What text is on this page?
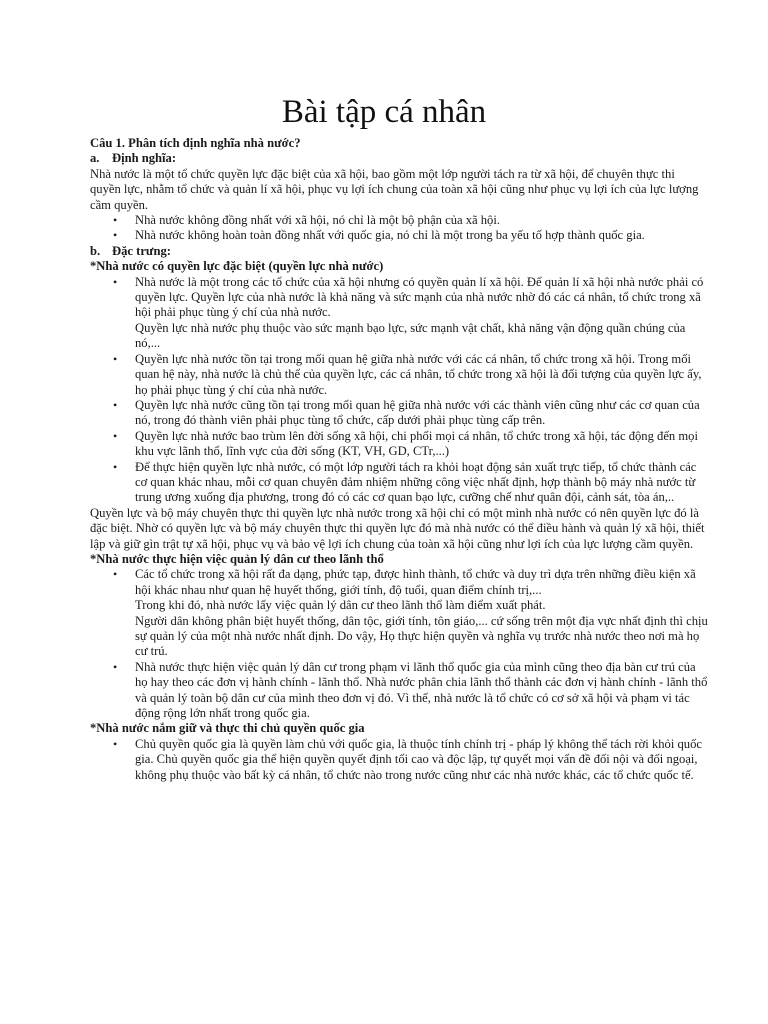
Bài tập cá nhân

Câu 1. Phân tích định nghĩa nhà nước?

a. Định nghĩa:

Nhà nước là một tổ chức quyền lực đặc biệt của xã hội, bao gồm một lớp người tách ra từ xã hội, để chuyên thực thi quyền lực, nhằm tổ chức và quản lí xã hội, phục vụ lợi ích chung của toàn xã hội cũng như phục vụ lợi ích của lực lượng cầm quyền.

• Nhà nước không đồng nhất với xã hội, nó chỉ là một bộ phận của xã hội.
• Nhà nước không hoàn toàn đồng nhất với quốc gia, nó chỉ là một trong ba yếu tố hợp thành quốc gia.

b. Đặc trưng:

*Nhà nước có quyền lực đặc biệt (quyền lực nhà nước)

• Nhà nước là một trong các tổ chức của xã hội nhưng có quyền quản lí xã hội. Để quản lí xã hội nhà nước phải có quyền lực. Quyền lực của nhà nước là khả năng và sức mạnh của nhà nước nhờ đó các cá nhân, tổ chức trong xã hội phải phục tùng ý chí của nhà nước.
Quyền lực nhà nước phụ thuộc vào sức mạnh bạo lực, sức mạnh vật chất, khả năng vận động quần chúng của nó,...
• Quyền lực nhà nước tồn tại trong mối quan hệ giữa nhà nước với các cá nhân, tổ chức trong xã hội. Trong mối quan hệ này, nhà nước là chủ thể của quyền lực, các cá nhân, tổ chức trong xã hội là đối tượng của quyền lực ấy, họ phải phục tùng ý chí của nhà nước.
• Quyền lực nhà nước cũng tồn tại trong mối quan hệ giữa nhà nước với các thành viên cũng như các cơ quan của nó, trong đó thành viên phải phục tùng tổ chức, cấp dưới phải phục tùng cấp trên.
• Quyền lực nhà nước bao trùm lên đời sống xã hội, chi phối mọi cá nhân, tổ chức trong xã hội, tác động đến mọi khu vực lãnh thổ, lĩnh vực của đời sống (KT, VH, GD, CTr,...)
• Để thực hiện quyền lực nhà nước, có một lớp người tách ra khỏi hoạt động sản xuất trực tiếp, tổ chức thành các cơ quan khác nhau, mỗi cơ quan chuyên đảm nhiệm những công việc nhất định, hợp thành bộ máy nhà nước từ trung ương xuống địa phương, trong đó có các cơ quan bạo lực, cưỡng chế như quân đội, cảnh sát, tòa án,..

Quyền lực và bộ máy chuyên thực thi quyền lực nhà nước trong xã hội chỉ có một mình nhà nước có nên quyền lực đó là đặc biệt. Nhờ có quyền lực và bộ máy chuyên thực thi quyền lực đó mà nhà nước có thể điều hành và quản lý xã hội, thiết lập và giữ gìn trật tự xã hội, phục vụ và bảo vệ lợi ích chung của toàn xã hội cũng như lợi ích của lực lượng cầm quyền.

*Nhà nước thực hiện việc quản lý dân cư theo lãnh thổ

• Các tổ chức trong xã hội rất đa dạng, phức tạp, được hình thành, tổ chức và duy trì dựa trên những điều kiện xã hội khác nhau như quan hệ huyết thống, giới tính, độ tuổi, quan điểm chính trị,...
Trong khi đó, nhà nước lấy việc quản lý dân cư theo lãnh thổ làm điểm xuất phát.
Người dân không phân biệt huyết thống, dân tộc, giới tính, tôn giáo,... cứ sống trên một địa vực nhất định thì chịu sự quản lý của một nhà nước nhất định. Do vậy, Họ thực hiện quyền và nghĩa vụ trước nhà nước theo nơi mà họ cư trú.
• Nhà nước thực hiện việc quản lý dân cư trong phạm vi lãnh thổ quốc gia của mình cũng theo địa bàn cư trú của họ hay theo các đơn vị hành chính - lãnh thổ. Nhà nước phân chia lãnh thổ thành các đơn vị hành chính - lãnh thổ và quản lý toàn bộ dân cư của mình theo đơn vị đó. Vì thế, nhà nước là tổ chức có cơ sở xã hội và phạm vi tác động rộng lớn nhất trong quốc gia.

*Nhà nước nắm giữ và thực thi chủ quyền quốc gia

• Chủ quyền quốc gia là quyền làm chủ với quốc gia, là thuộc tính chính trị - pháp lý không thể tách rời khỏi quốc gia. Chủ quyền quốc gia thể hiện quyền quyết định tối cao và độc lập, tự quyết mọi vấn đề đối nội và đối ngoại, không phụ thuộc vào bất kỳ cá nhân, tổ chức nào trong nước cũng như các nhà nước khác, các tổ chức quốc tế.
